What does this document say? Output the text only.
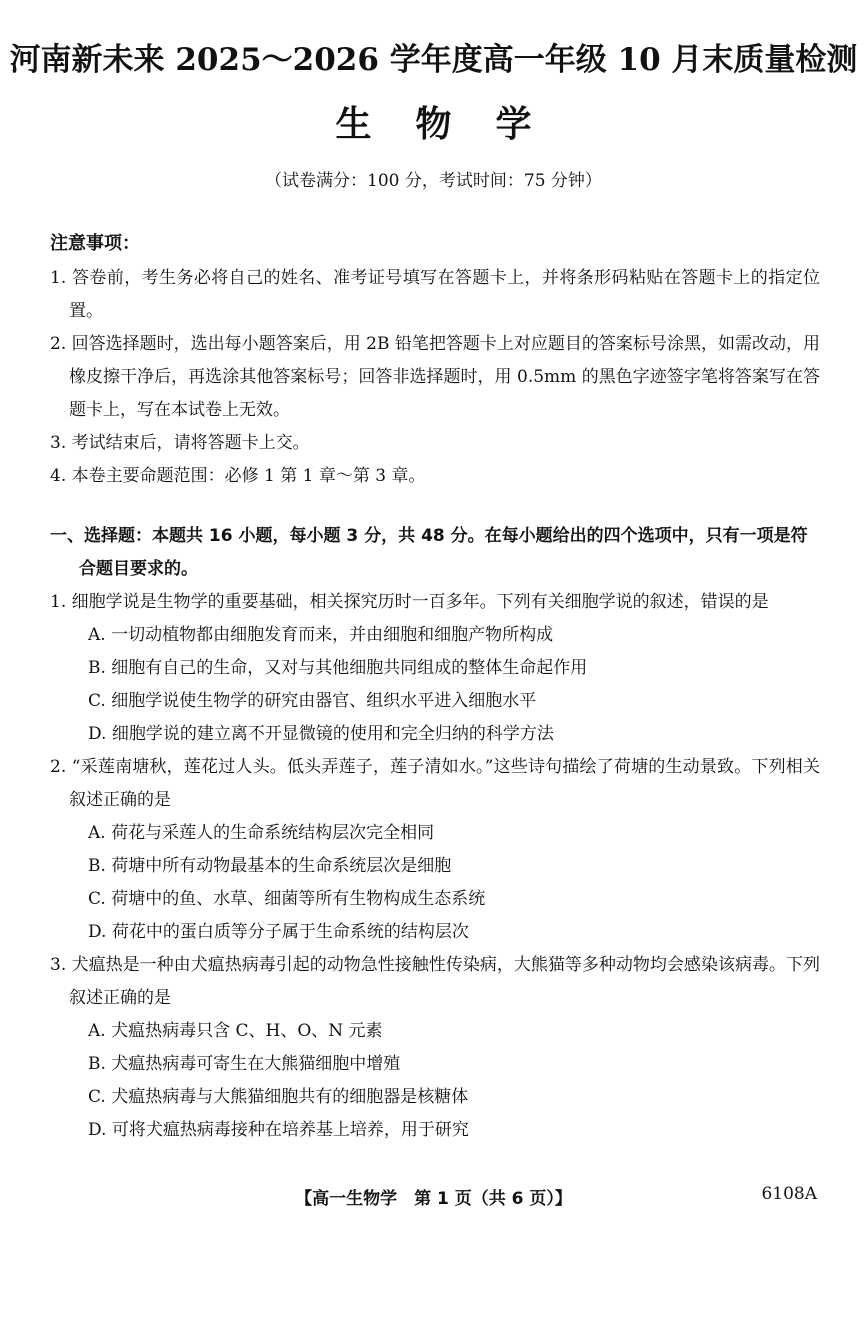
河南新未来 2025～2026 学年度高一年级 10 月末质量检测
生物学
（试卷满分：100 分，考试时间：75 分钟）
注意事项：

1. 答卷前，考生务必将自己的姓名、准考证号填写在答题卡上，并将条形码粘贴在答题卡上的指定位置。

2. 回答选择题时，选出每小题答案后，用 2B 铅笔把答题卡上对应题目的答案标号涂黑，如需改动，用橡皮擦干净后，再选涂其他答案标号；回答非选择题时，用 0.5mm 的黑色字迹签字笔将答案写在答题卡上，写在本试卷上无效。

3. 考试结束后，请将答题卡上交。

4. 本卷主要命题范围：必修 1 第 1 章～第 3 章。

一、选择题：本题共 16 小题，每小题 3 分，共 48 分。在每小题给出的四个选项中，只有一项是符合题目要求的。

1. 细胞学说是生物学的重要基础，相关探究历时一百多年。下列有关细胞学说的叙述，错误的是

A. 一切动植物都由细胞发育而来，并由细胞和细胞产物所构成

B. 细胞有自己的生命，又对与其他细胞共同组成的整体生命起作用

C. 细胞学说使生物学的研究由器官、组织水平进入细胞水平

D. 细胞学说的建立离不开显微镜的使用和完全归纳的科学方法

2. “采莲南塘秋，莲花过人头。低头弄莲子，莲子清如水。”这些诗句描绘了荷塘的生动景致。下列相关叙述正确的是

A. 荷花与采莲人的生命系统结构层次完全相同

B. 荷塘中所有动物最基本的生命系统层次是细胞

C. 荷塘中的鱼、水草、细菌等所有生物构成生态系统

D. 荷花中的蛋白质等分子属于生命系统的结构层次

3. 犬瘟热是一种由犬瘟热病毒引起的动物急性接触性传染病，大熊猫等多种动物均会感染该病毒。下列叙述正确的是

A. 犬瘟热病毒只含 C、H、O、N 元素

B. 犬瘟热病毒可寄生在大熊猫细胞中增殖

C. 犬瘟热病毒与大熊猫细胞共有的细胞器是核糖体

D. 可将犬瘟热病毒接种在培养基上培养，用于研究

【高一生物学　第 1 页（共 6 页）】	6108A
